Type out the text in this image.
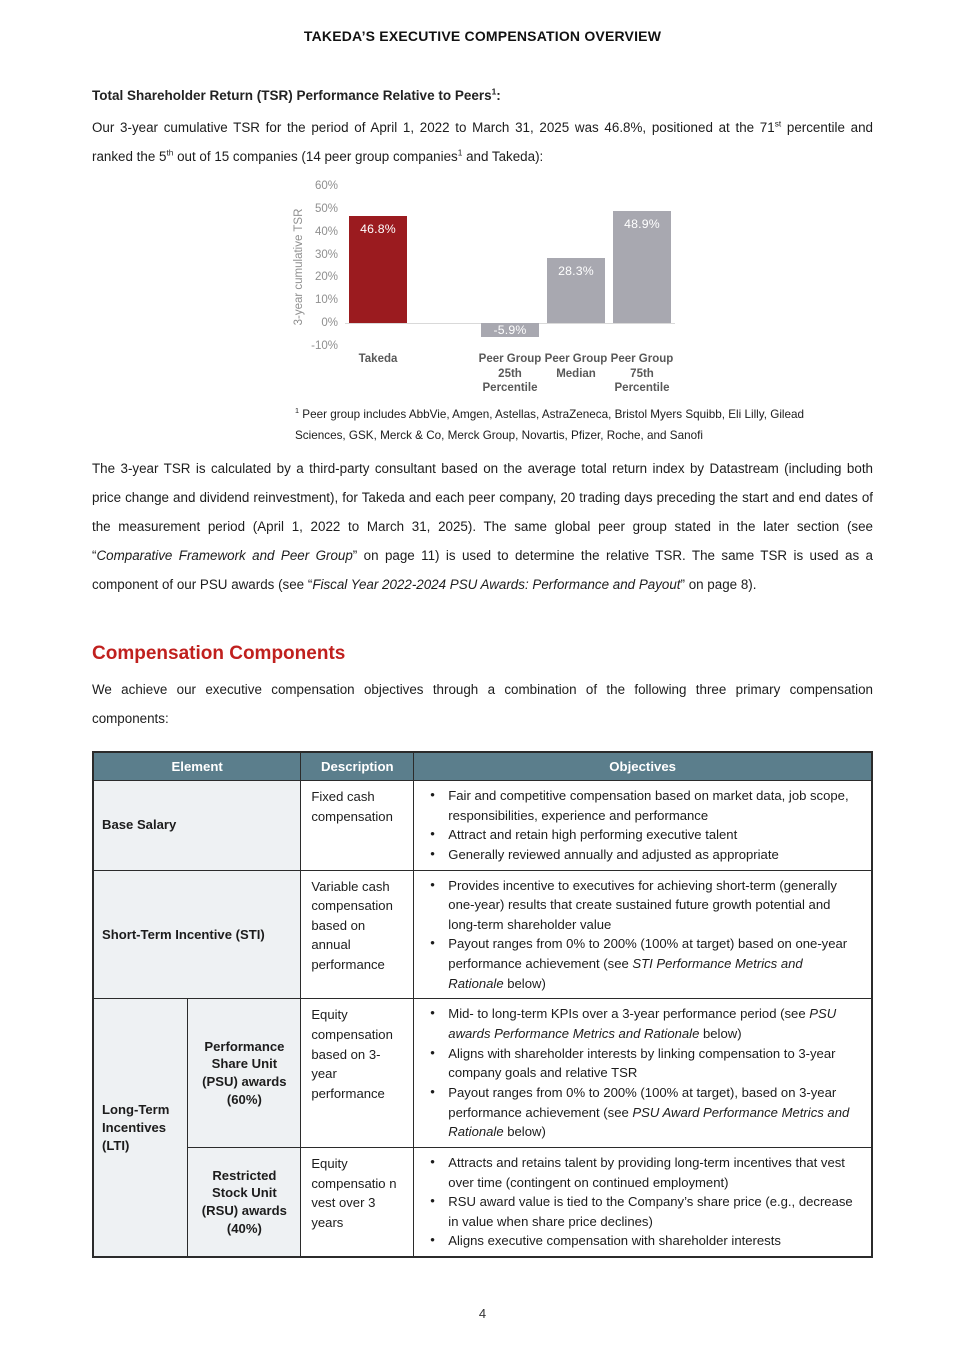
TAKEDA’S EXECUTIVE COMPENSATION OVERVIEW
Total Shareholder Return (TSR) Performance Relative to Peers$^1$:
Our 3-year cumulative TSR for the period of April 1, 2022 to March 31, 2025 was 46.8%, positioned at the 71st percentile and ranked the 5th out of 15 companies (14 peer group companies$^1$ and Takeda):
3-year cumulative TSR
60%
50%
40%
30%
20%
10%
0%
-10%
46.8%
Takeda
-5.9%
Peer Group
25th
Percentile
28.3%
Peer Group
Median
48.9%
Peer Group
75th
Percentile
$^1$ Peer group includes AbbVie, Amgen, Astellas, AstraZeneca, Bristol Myers Squibb, Eli Lilly, Gilead Sciences, GSK, Merck & Co, Merck Group, Novartis, Pfizer, Roche, and Sanofi
The 3-year TSR is calculated by a third-party consultant based on the average total return index by Datastream (including both price change and dividend reinvestment), for Takeda and each peer company, 20 trading days preceding the start and end dates of the measurement period (April 1, 2022 to March 31, 2025). The same global peer group stated in the later section (see “Comparative Framework and Peer Group” on page 11) is used to determine the relative TSR. The same TSR is used as a component of our PSU awards (see “Fiscal Year 2022-2024 PSU Awards: Performance and Payout” on page 8).
Compensation Components
We achieve our executive compensation objectives through a combination of the following three primary compensation components:
Element		Description	Objectives
Base Salary	Fixed cash compensation	
• Fair and competitive compensation based on market data, job scope, responsibilities, experience and performance
• Attract and retain high performing executive talent
• Generally reviewed annually and adjusted as appropriate

Short-Term Incentive (STI)	Variable cash compensation based on annual performance	
• Provides incentive to executives for achieving short-term (generally one-year) results that create sustained future growth potential and long-term shareholder value
• Payout ranges from 0% to 200% (100% at target) based on one-year performance achievement (see STI Performance Metrics and Rationale below)

Long-Term Incentives (LTI)	Performance Share Unit (PSU) awards (60%)	Equity compensation based on 3-year performance	
• Mid- to long-term KPIs over a 3-year performance period (see PSU awards Performance Metrics and Rationale below)
• Aligns with shareholder interests by linking compensation to 3-year company goals and relative TSR
• Payout ranges from 0% to 200% (100% at target), based on 3-year performance achievement (see PSU Award Performance Metrics and Rationale below)

Restricted Stock Unit (RSU) awards (40%)	Equity compensatio n vest over 3 years	
• Attracts and retains talent by providing long-term incentives that vest over time (contingent on continued employment)
• RSU award value is tied to the Company’s share price (e.g., decrease in value when share price declines)
• Aligns executive compensation with shareholder interests
4
